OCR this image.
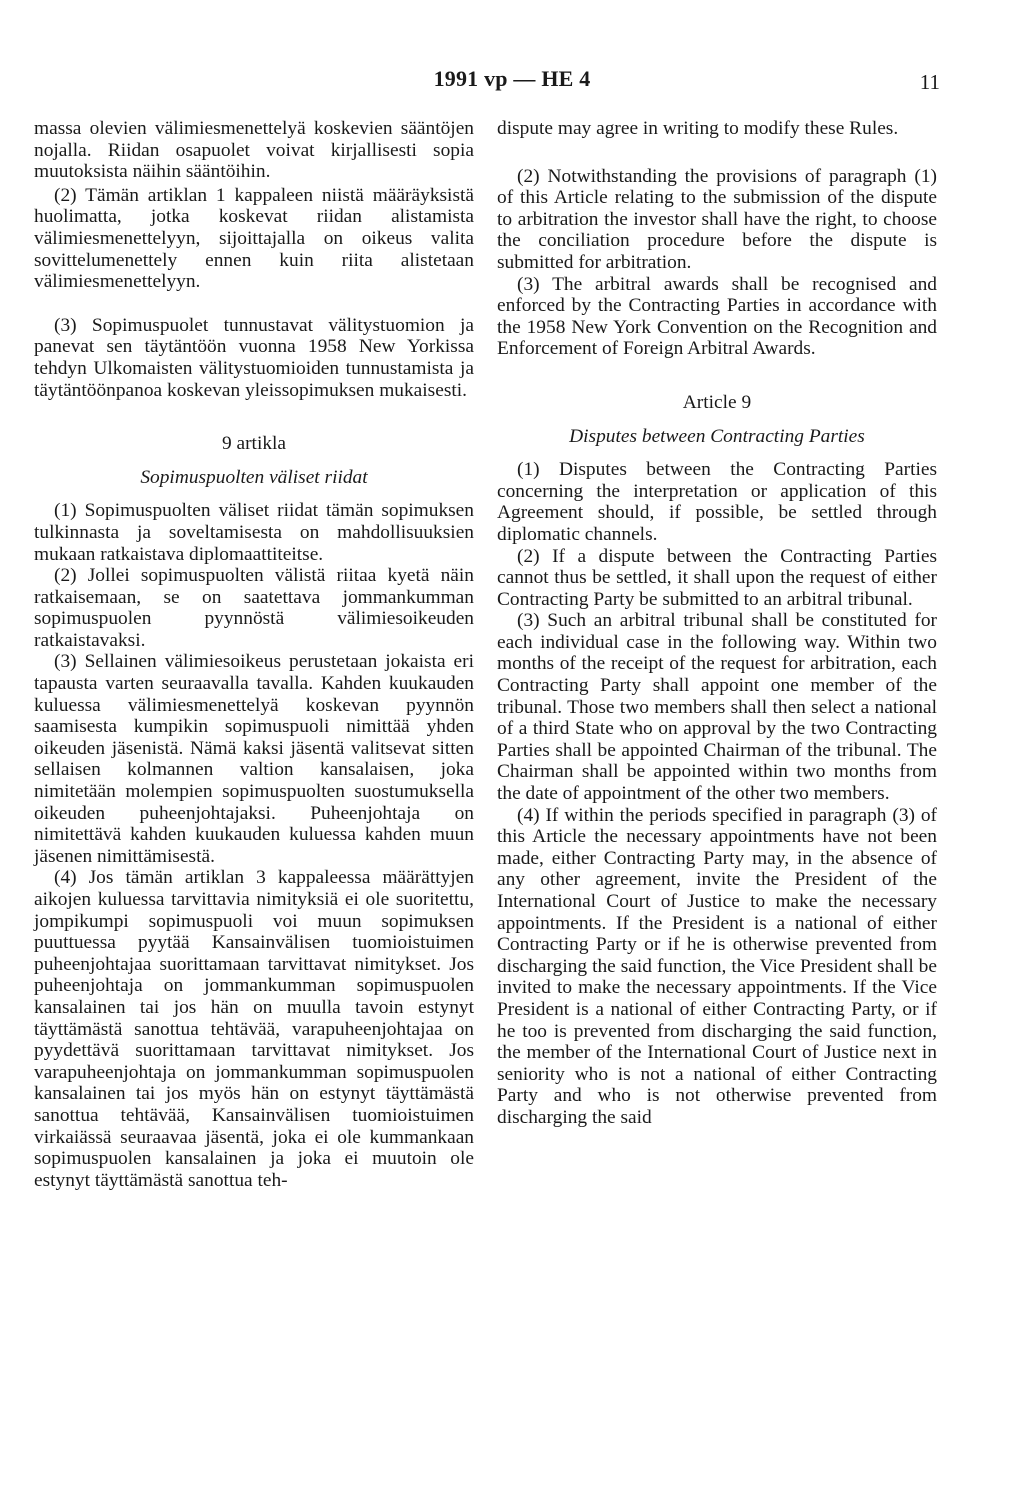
1991 vp — HE 4	11

massa olevien välimiesmenettelyä koskevien sääntöjen nojalla. Riidan osapuolet voivat kirjallisesti sopia muutoksista näihin sääntöihin.

(2) Tämän artiklan 1 kappaleen niistä määräyksistä huolimatta, jotka koskevat riidan alistamista välimiesmenettelyyn, sijoittajalla on oikeus valita sovittelumenettely ennen kuin riita alistetaan välimiesmenettelyyn.

(3) Sopimuspuolet tunnustavat välitystuomion ja panevat sen täytäntöön vuonna 1958 New Yorkissa tehdyn Ulkomaisten välitystuomioiden tunnustamista ja täytäntöönpanoa koskevan yleissopimuksen mukaisesti.

9 artikla

Sopimuspuolten väliset riidat

(1) Sopimuspuolten väliset riidat tämän sopimuksen tulkinnasta ja soveltamisesta on mahdollisuuksien mukaan ratkaistava diplomaattiteitse.

(2) Jollei sopimuspuolten välistä riitaa kyetä näin ratkaisemaan, se on saatettava jommankumman sopimuspuolen pyynnöstä välimiesoikeuden ratkaistavaksi.

(3) Sellainen välimiesoikeus perustetaan jokaista eri tapausta varten seuraavalla tavalla. Kahden kuukauden kuluessa välimiesmenettelyä koskevan pyynnön saamisesta kumpikin sopimuspuoli nimittää yhden oikeuden jäsenistä. Nämä kaksi jäsentä valitsevat sitten sellaisen kolmannen valtion kansalaisen, joka nimitetään molempien sopimuspuolten suostumuksella oikeuden puheenjohtajaksi. Puheenjohtaja on nimitettävä kahden kuukauden kuluessa kahden muun jäsenen nimittämisestä.

(4) Jos tämän artiklan 3 kappaleessa määrättyjen aikojen kuluessa tarvittavia nimityksiä ei ole suoritettu, jompikumpi sopimuspuoli voi muun sopimuksen puuttuessa pyytää Kansainvälisen tuomioistuimen puheenjohtajaa suorittamaan tarvittavat nimitykset. Jos puheenjohtaja on jommankumman sopimuspuolen kansalainen tai jos hän on muulla tavoin estynyt täyttämästä sanottua tehtävää, varapuheenjohtajaa on pyydettävä suorittamaan tarvittavat nimitykset. Jos varapuheenjohtaja on jommankumman sopimuspuolen kansalainen tai jos myös hän on estynyt täyttämästä sanottua tehtävää, Kansainvälisen tuomioistuimen virkaiässä seuraavaa jäsentä, joka ei ole kummankaan sopimuspuolen kansalainen ja joka ei muutoin ole estynyt täyttämästä sanottua teh-

dispute may agree in writing to modify these Rules.

(2) Notwithstanding the provisions of paragraph (1) of this Article relating to the submission of the dispute to arbitration the investor shall have the right, to choose the conciliation procedure before the dispute is submitted for arbitration.

(3) The arbitral awards shall be recognised and enforced by the Contracting Parties in accordance with the 1958 New York Convention on the Recognition and Enforcement of Foreign Arbitral Awards.

Article 9

Disputes between Contracting Parties

(1) Disputes between the Contracting Parties concerning the interpretation or application of this Agreement should, if possible, be settled through diplomatic channels.

(2) If a dispute between the Contracting Parties cannot thus be settled, it shall upon the request of either Contracting Party be submitted to an arbitral tribunal.

(3) Such an arbitral tribunal shall be constituted for each individual case in the following way. Within two months of the receipt of the request for arbitration, each Contracting Party shall appoint one member of the tribunal. Those two members shall then select a national of a third State who on approval by the two Contracting Parties shall be appointed Chairman of the tribunal. The Chairman shall be appointed within two months from the date of appointment of the other two members.

(4) If within the periods specified in paragraph (3) of this Article the necessary appointments have not been made, either Contracting Party may, in the absence of any other agreement, invite the President of the International Court of Justice to make the necessary appointments. If the President is a national of either Contracting Party or if he is otherwise prevented from discharging the said function, the Vice President shall be invited to make the necessary appointments. If the Vice President is a national of either Contracting Party, or if he too is prevented from discharging the said function, the member of the International Court of Justice next in seniority who is not a national of either Contracting Party and who is not otherwise prevented from discharging the said
